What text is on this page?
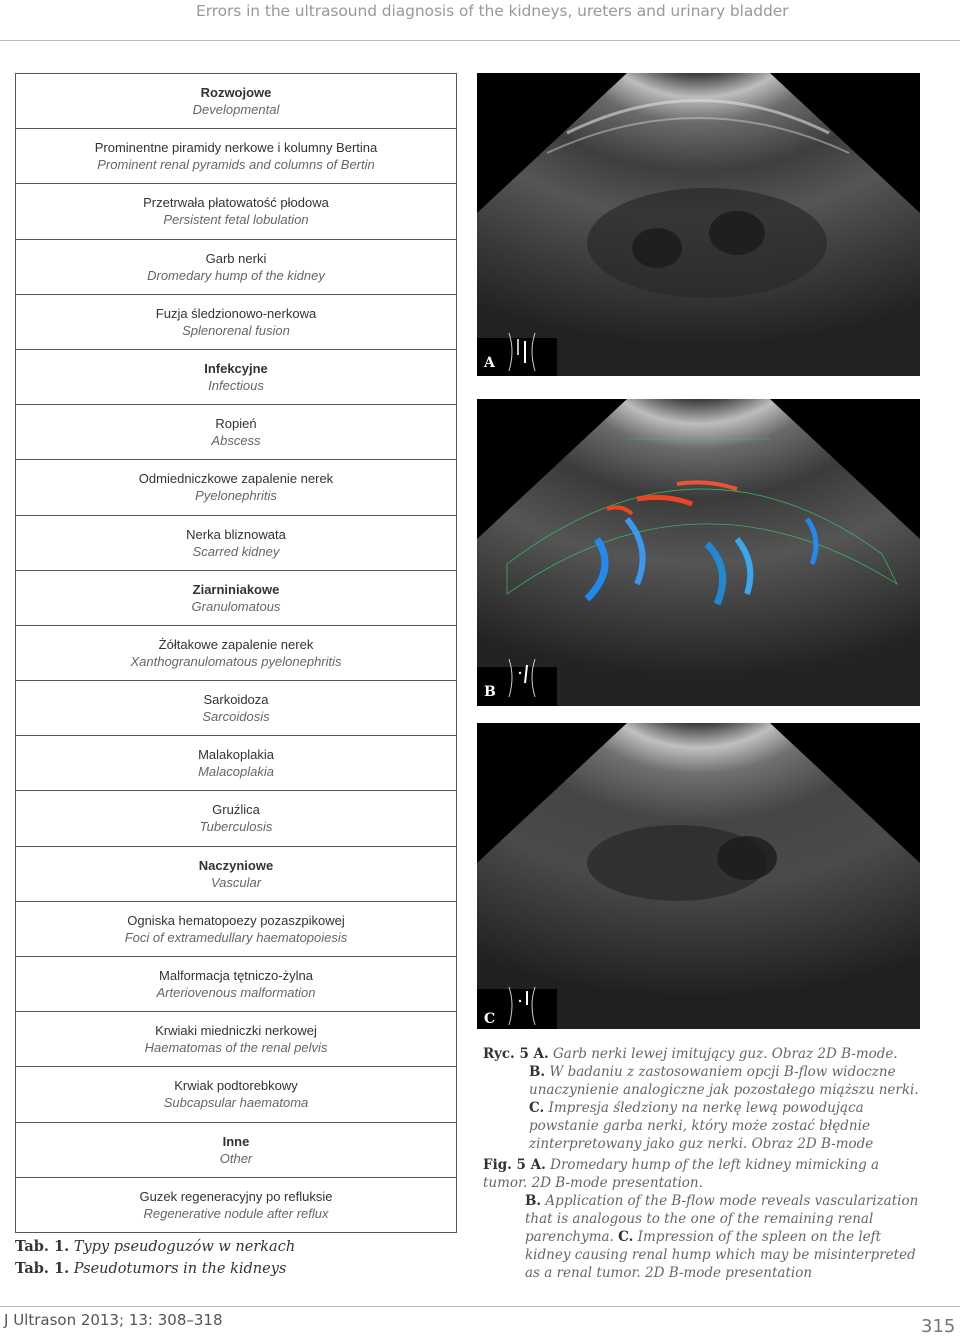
Errors in the ultrasound diagnosis of the kidneys, ureters and urinary bladder
Rozwojowe
Developmental
Prominentne piramidy nerkowe i kolumny Bertina
Prominent renal pyramids and columns of Bertin
Przetrwała płatowatość płodowa
Persistent fetal lobulation
Garb nerki
Dromedary hump of the kidney
Fuzja śledzionowo-nerkowa
Splenorenal fusion
Infekcyjne
Infectious
Ropień
Abscess
Odmiedniczkowe zapalenie nerek
Pyelonephritis
Nerka bliznowata
Scarred kidney
Ziarniniakowe
Granulomatous
Żółtakowe zapalenie nerek
Xanthogranulomatous pyelonephritis
Sarkoidoza
Sarcoidosis
Malakoplakia
Malacoplakia
Gruźlica
Tuberculosis
Naczyniowe
Vascular
Ogniska hematopoezy pozaszpikowej
Foci of extramedullary haematopoiesis
Malformacja tętniczo-żylna
Arteriovenous malformation
Krwiaki miedniczki nerkowej
Haematomas of the renal pelvis
Krwiak podtorebkowy
Subcapsular haematoma
Inne
Other
Guzek regeneracyjny po refluksie
Regenerative nodule after reflux
Tab. 1. Typy pseudoguzów w nerkach
Tab. 1. Pseudotumors in the kidneys
A
B
C
Ryc. 5 A. Garb nerki lewej imitujący guz. Obraz 2D B-mode.
B. W badaniu z zastosowaniem opcji B-flow widoczne unaczynienie analogiczne jak pozostałego miąższu nerki. C. Impresja śledziony na nerkę lewą powodująca powstanie garba nerki, który może zostać błędnie zinterpretowany jako guz nerki. Obraz 2D B-mode
Fig. 5 A. Dromedary hump of the left kidney mimicking a tumor. 2D B-mode presentation.
B. Application of the B-flow mode reveals vascularization that is analogous to the one of the remaining renal parenchyma. C. Impression of the spleen on the left kidney causing renal hump which may be misinterpreted as a renal tumor. 2D B-mode presentation
J Ultrason 2013; 13: 308–318	315
